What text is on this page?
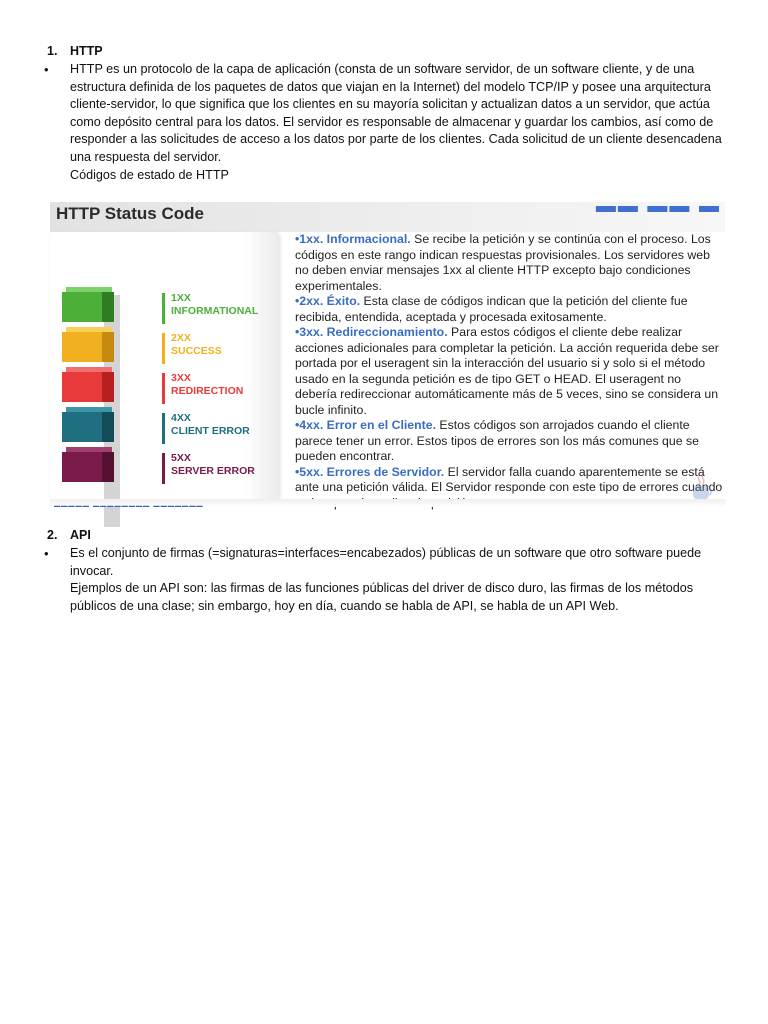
1. HTTP
• HTTP es un protocolo de la capa de aplicación (consta de un software servidor, de un software cliente, y de una estructura definida de los paquetes de datos que viajan en la Internet) del modelo TCP/IP y posee una arquitectura cliente-servidor, lo que significa que los clientes en su mayoría solicitan y actualizan datos a un servidor, que actúa como depósito central para los datos. El servidor es responsable de almacenar y guardar los cambios, así como de responder a las solicitudes de acceso a los datos por parte de los clientes. Cada solicitud de un cliente desencadena una respuesta del servidor.

Códigos de estado de HTTP

HTTP Status Code	▬▬ ▬▬ ▬
1XX
INFORMATIONAL
2XX
SUCCESS
3XX
REDIRECTION
4XX
CLIENT ERROR
5XX
SERVER ERROR

•1xx. Informacional. Se recibe la petición y se continúa con el proceso. Los códigos en este rango indican respuestas provisionales. Los servidores web no deben enviar mensajes 1xx al cliente HTTP excepto bajo condiciones experimentales.

•2xx. Éxito. Esta clase de códigos indican que la petición del cliente fue recibida, entendida, aceptada y procesada exitosamente.

•3xx. Redireccionamiento. Para estos códigos el cliente debe realizar acciones adicionales para completar la petición. La acción requerida debe ser portada por el useragent sin la interacción del usuario si y solo si el método usado en la segunda petición es de tipo GET o HEAD. El useragent no debería redireccionar automáticamente más de 5 veces, sino se considera un bucle infinito.

•4xx. Error en el Cliente. Estos códigos son arrojados cuando el cliente parece tener un error. Estos tipos de errores son los más comunes que se pueden encontrar.

•5xx. Errores de Servidor. El servidor falla cuando aparentemente se está ante una petición válida. El Servidor responde con este tipo de errores

▁▁▁▁▁ ▁▁▁▁▁▁▁▁ ▁▁▁▁▁▁▁
2. API
• Es el conjunto de firmas (=signaturas=interfaces=encabezados) públicas de un software que otro software puede invocar.

Ejemplos de un API son: las firmas de las funciones públicas del driver de disco duro, las firmas de los métodos públicos de una clase; sin embargo, hoy en día, cuando se habla de API, se habla de un API Web.
